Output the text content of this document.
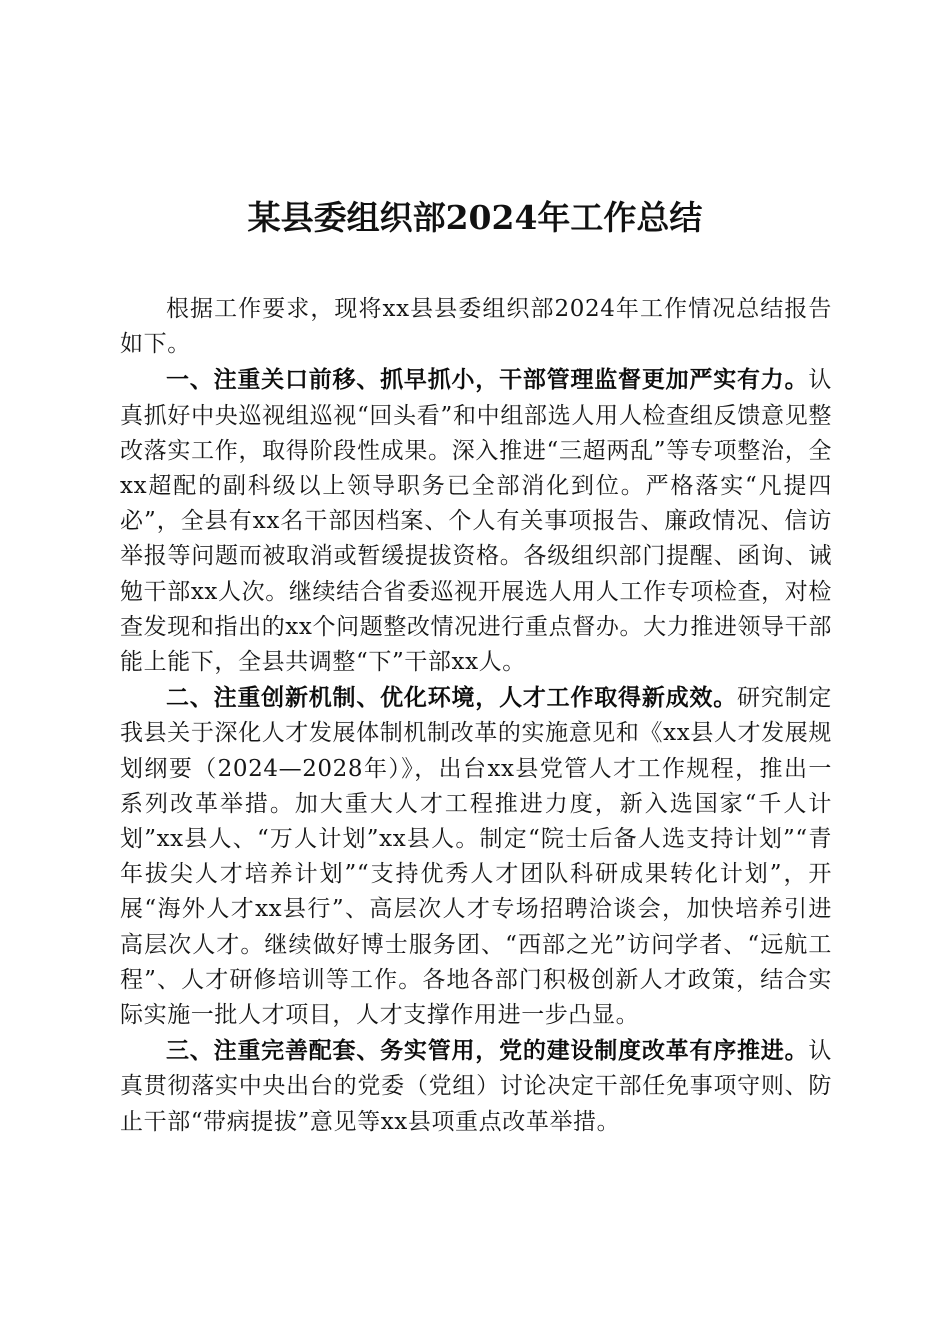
某县委组织部2024年工作总结

根据工作要求，现将xx县县委组织部2024年工作情况总结报告如下。

一、注重关口前移、抓早抓小，干部管理监督更加严实有力。认真抓好中央巡视组巡视“回头看”和中组部选人用人检查组反馈意见整改落实工作，取得阶段性成果。深入推进“三超两乱”等专项整治，全xx超配的副科级以上领导职务已全部消化到位。严格落实“凡提四必”，全县有xx名干部因档案、个人有关事项报告、廉政情况、信访举报等问题而被取消或暂缓提拔资格。各级组织部门提醒、函询、诫勉干部xx人次。继续结合省委巡视开展选人用人工作专项检查，对检查发现和指出的xx个问题整改情况进行重点督办。大力推进领导干部能上能下，全县共调整“下”干部xx人。

二、注重创新机制、优化环境，人才工作取得新成效。研究制定我县关于深化人才发展体制机制改革的实施意见和《xx县人才发展规划纲要（2024—2028年）》，出台xx县党管人才工作规程，推出一系列改革举措。加大重大人才工程推进力度，新入选国家“千人计划”xx县人、“万人计划”xx县人。制定“院士后备人选支持计划”“青年拔尖人才培养计划”“支持优秀人才团队科研成果转化计划”，开展“海外人才xx县行”、高层次人才专场招聘洽谈会，加快培养引进高层次人才。继续做好博士服务团、“西部之光”访问学者、“远航工程”、人才研修培训等工作。各地各部门积极创新人才政策，结合实际实施一批人才项目，人才支撑作用进一步凸显。

三、注重完善配套、务实管用，党的建设制度改革有序推进。认真贯彻落实中央出台的党委（党组）讨论决定干部任免事项守则、防止干部“带病提拔”意见等xx县项重点改革举措。
